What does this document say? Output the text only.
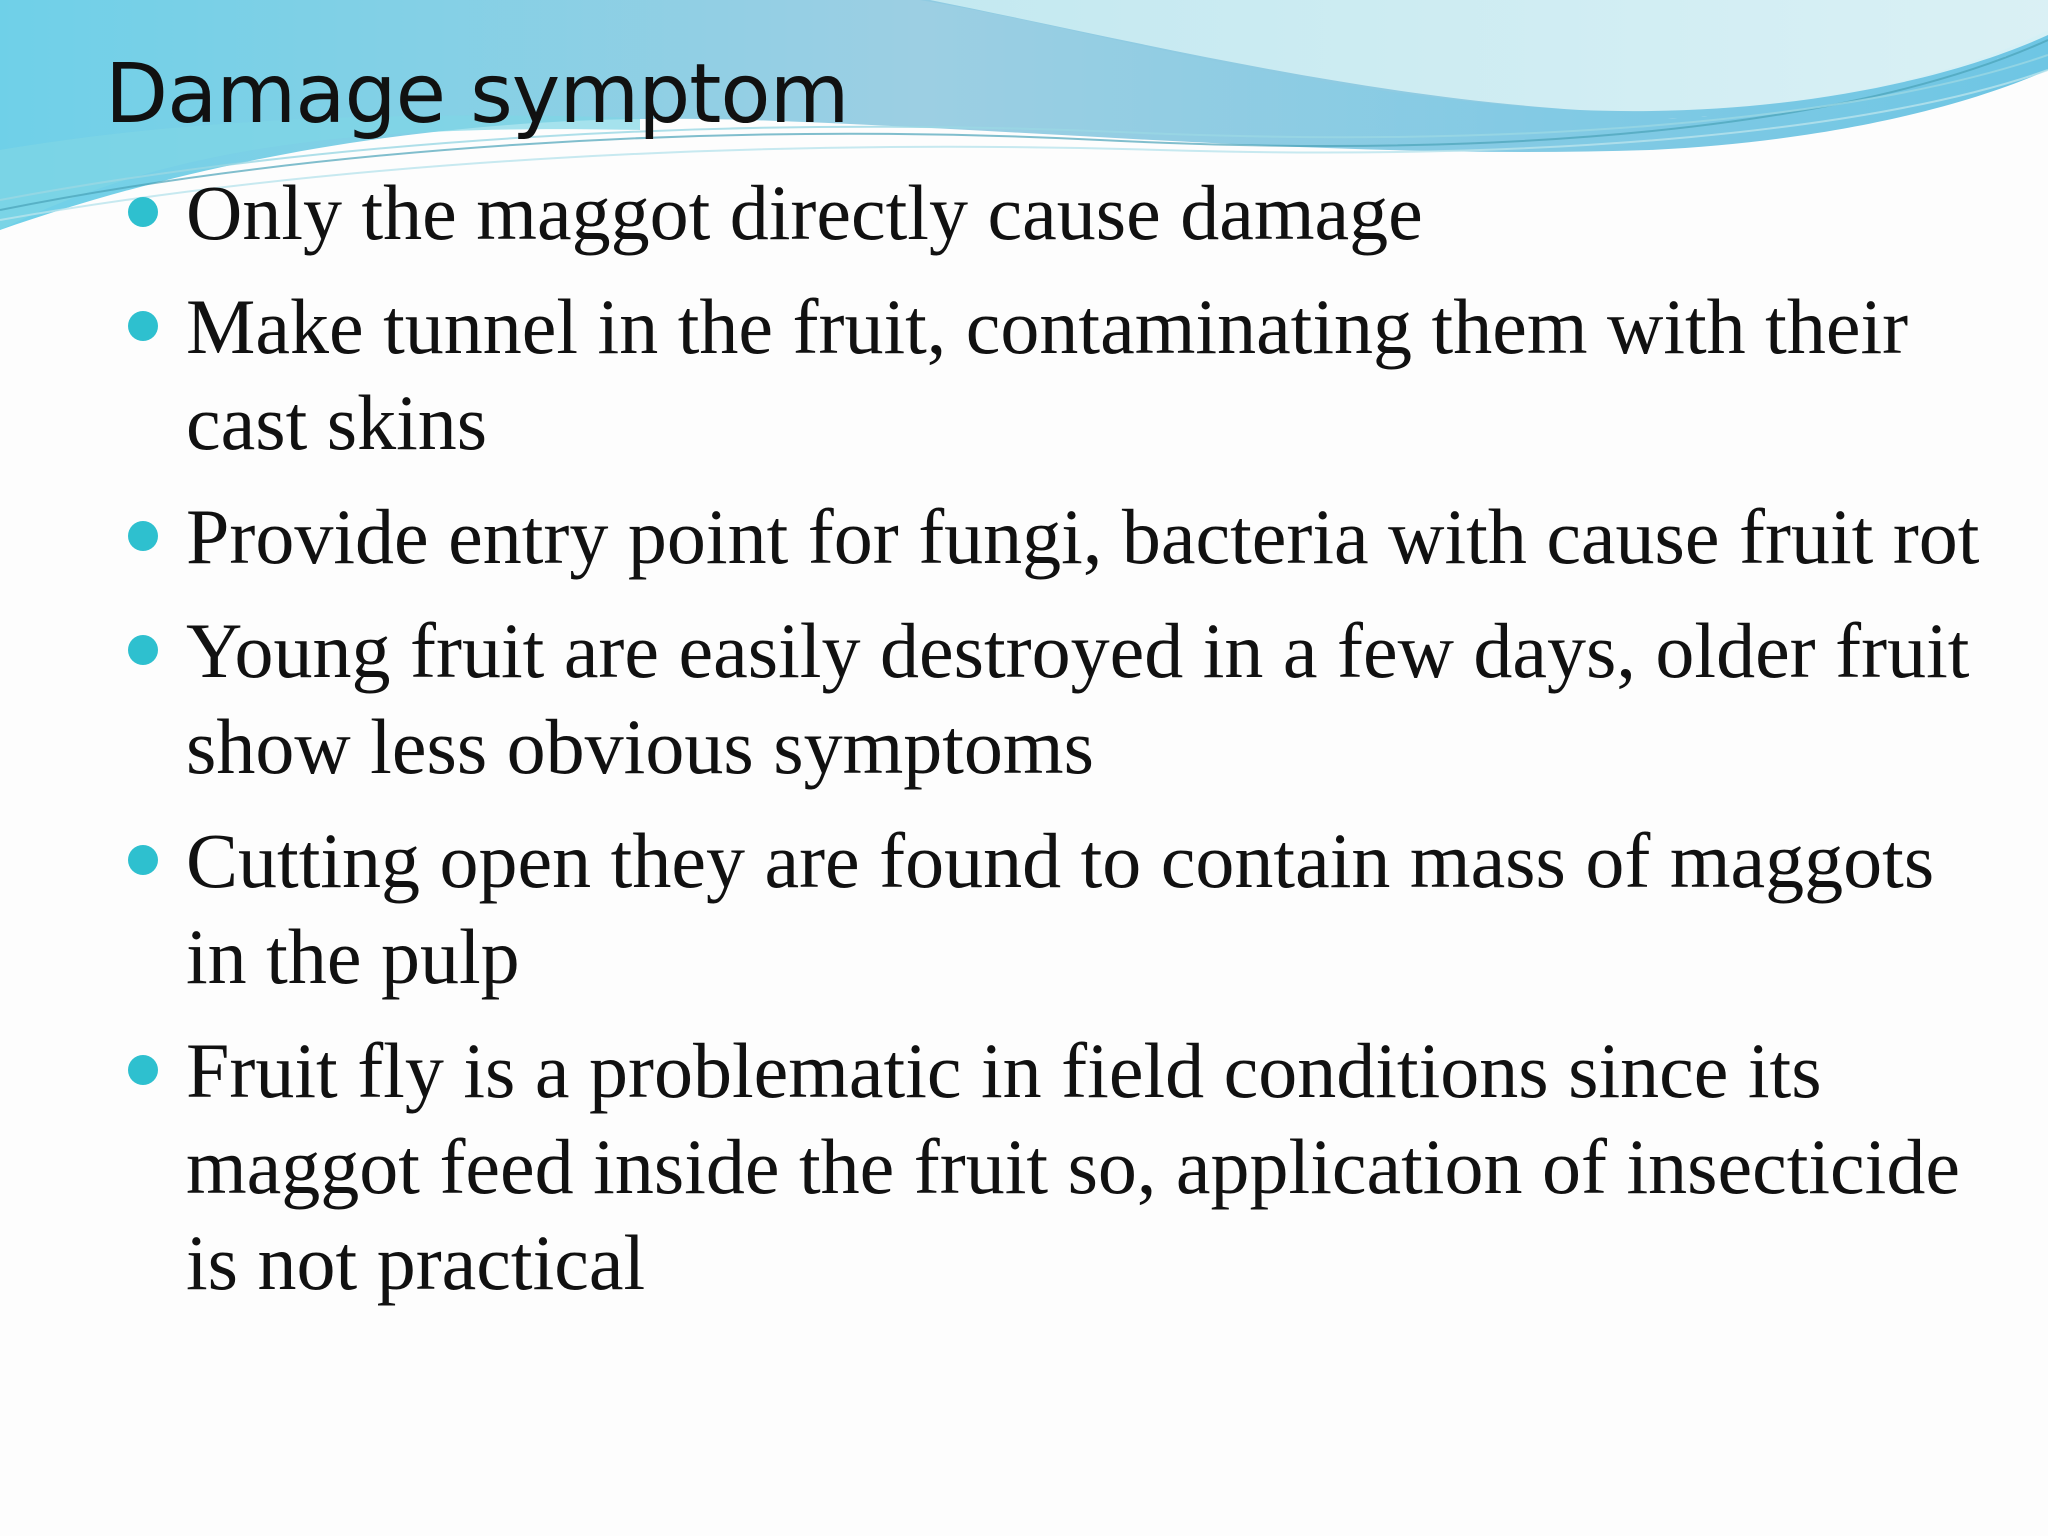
Damage symptom
Only the maggot directly cause damage
Make tunnel in the fruit, contaminating them with their cast skins
Provide entry point for fungi, bacteria with cause fruit rot
Young fruit are easily destroyed in a few days, older fruit show less obvious symptoms
Cutting open they are found to contain mass of maggots in the pulp
Fruit fly is a problematic in field conditions since its maggot feed inside the fruit so, application of insecticide is not practical
